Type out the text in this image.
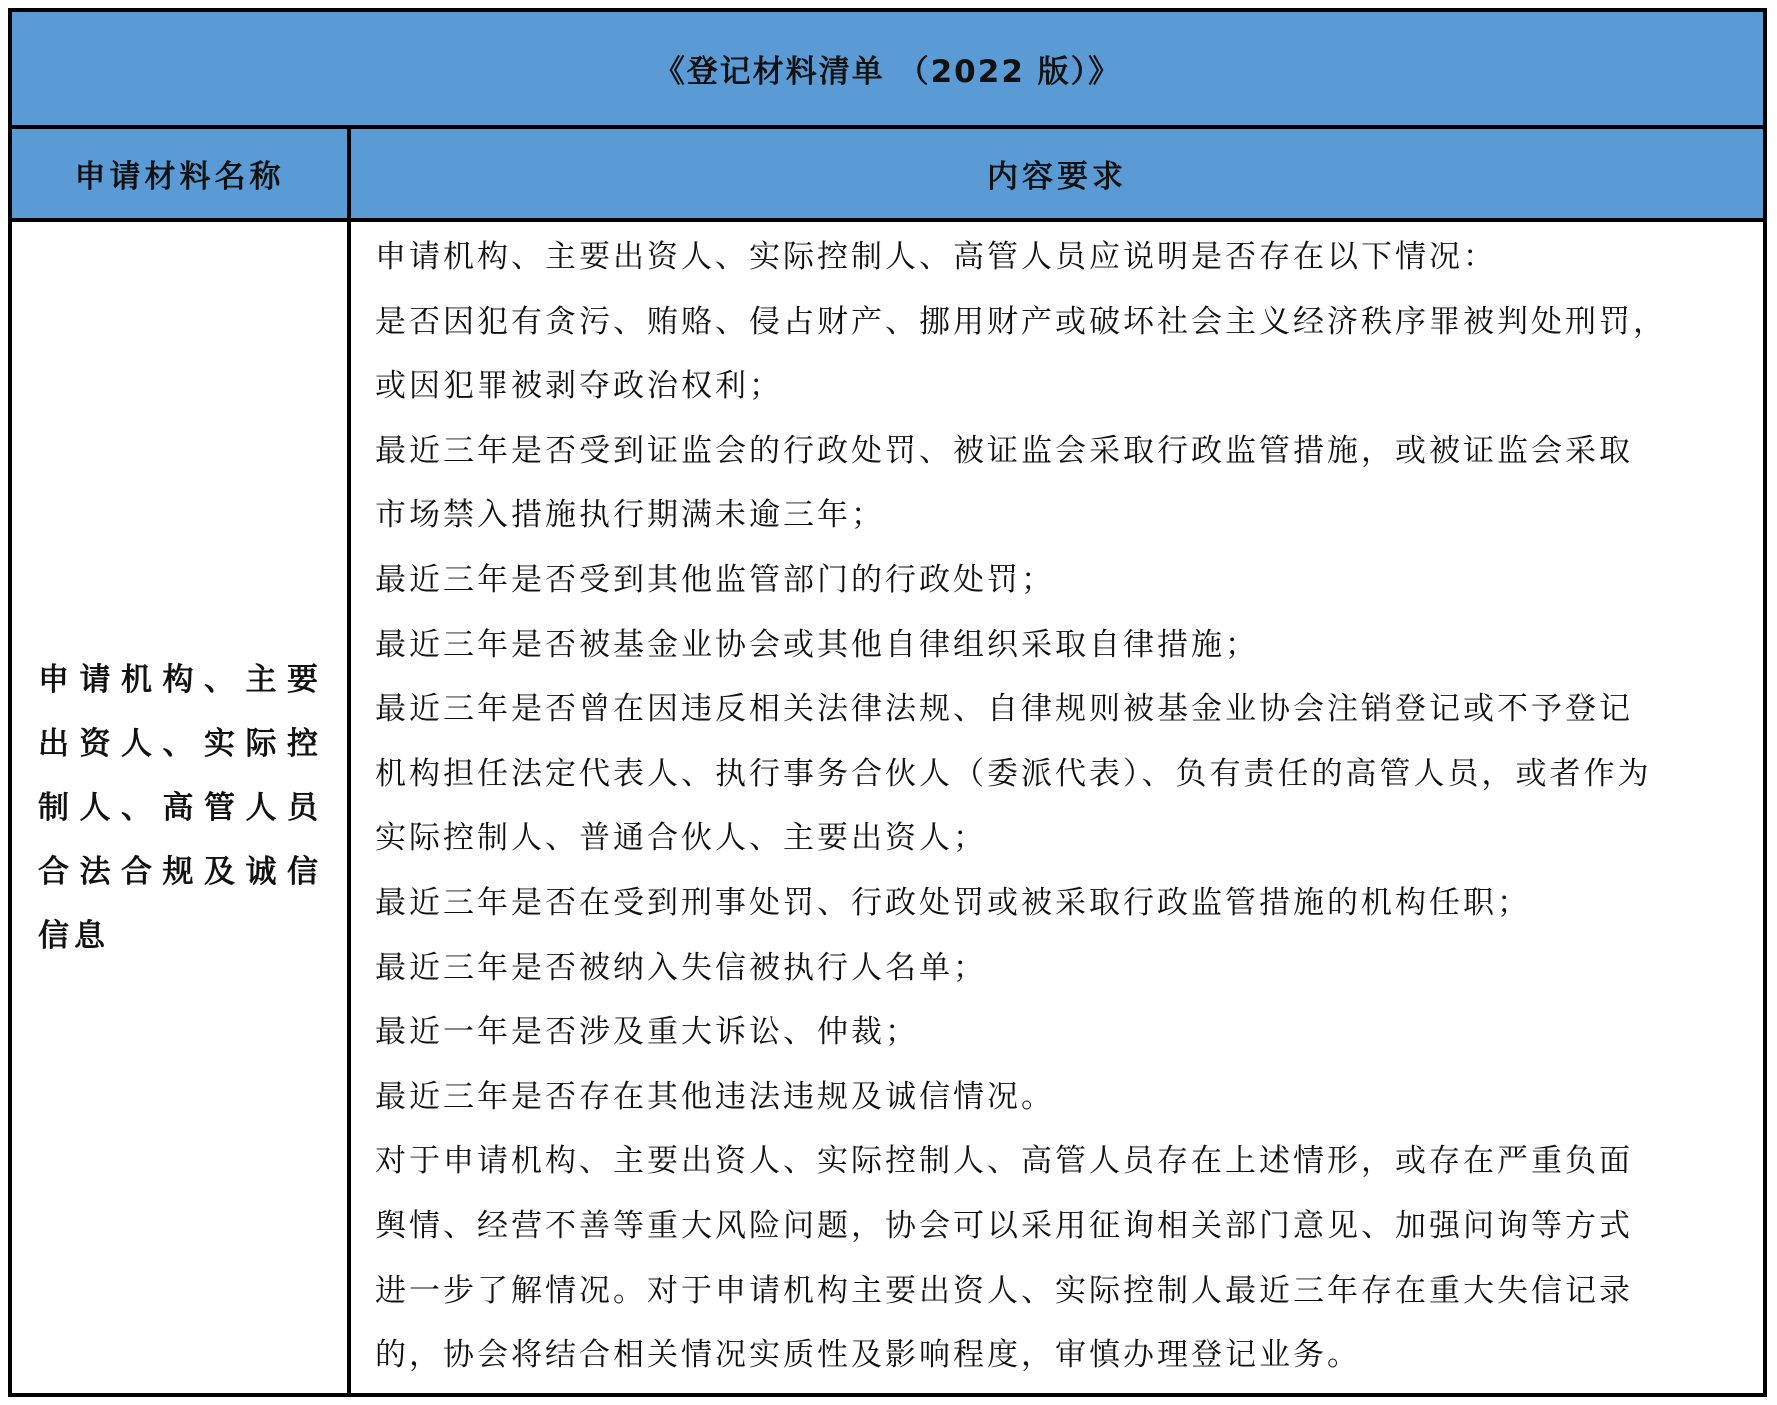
《登记材料清单 （2022 版）》
申请材料名称	内容要求
申请机构、主要出资人、实际控制人、高管人员合法合规及诚信信息
申请机构、主要出资人、实际控制人、高管人员应说明是否存在以下情况：
是否因犯有贪污、贿赂、侵占财产、挪用财产或破坏社会主义经济秩序罪被判处刑罚，
或因犯罪被剥夺政治权利；
最近三年是否受到证监会的行政处罚、被证监会采取行政监管措施，或被证监会采取
市场禁入措施执行期满未逾三年；
最近三年是否受到其他监管部门的行政处罚；
最近三年是否被基金业协会或其他自律组织采取自律措施；
最近三年是否曾在因违反相关法律法规、自律规则被基金业协会注销登记或不予登记
机构担任法定代表人、执行事务合伙人（委派代表）、负有责任的高管人员，或者作为
实际控制人、普通合伙人、主要出资人；
最近三年是否在受到刑事处罚、行政处罚或被采取行政监管措施的机构任职；
最近三年是否被纳入失信被执行人名单；
最近一年是否涉及重大诉讼、仲裁；
最近三年是否存在其他违法违规及诚信情况。
对于申请机构、主要出资人、实际控制人、高管人员存在上述情形，或存在严重负面
舆情、经营不善等重大风险问题，协会可以采用征询相关部门意见、加强问询等方式
进一步了解情况。对于申请机构主要出资人、实际控制人最近三年存在重大失信记录
的，协会将结合相关情况实质性及影响程度，审慎办理登记业务。
